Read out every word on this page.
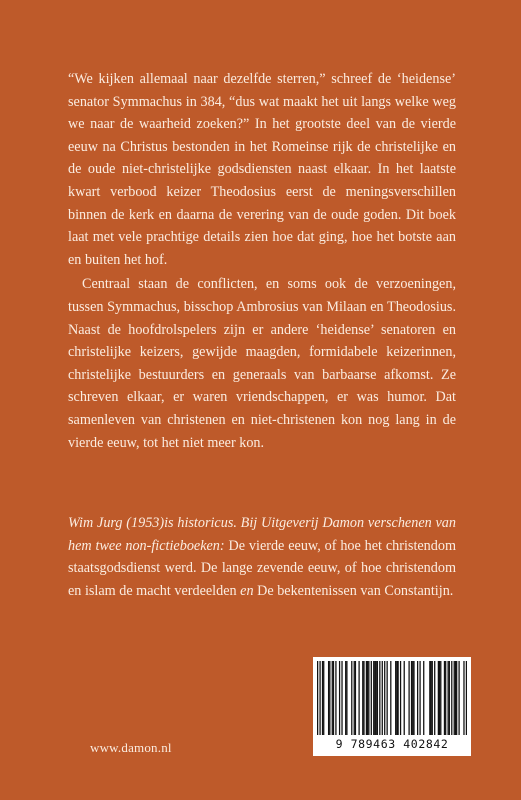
“We kijken allemaal naar dezelfde sterren,” schreef de ‘heidense’ senator Symmachus in 384, “dus wat maakt het uit langs welke weg we naar de waarheid zoeken?” In het grootste deel van de vierde eeuw na Christus bestonden in het Romeinse rijk de christelijke en de oude niet-christelijke godsdiensten naast elkaar. In het laatste kwart verbood keizer Theodosius eerst de meningsverschillen binnen de kerk en daarna de verering van de oude goden. Dit boek laat met vele prachtige details zien hoe dat ging, hoe het botste aan en buiten het hof.

Centraal staan de conflicten, en soms ook de verzoeningen, tussen Symmachus, bisschop Ambrosius van Milaan en Theodosius. Naast de hoofdrolspelers zijn er andere ‘heidense’ senatoren en christelijke keizers, gewijde maagden, formidabele keizerinnen, christelijke bestuurders en generaals van barbaarse afkomst. Ze schreven elkaar, er waren vriendschappen, er was humor. Dat samenleven van christenen en niet-christenen kon nog lang in de vierde eeuw, tot het niet meer kon.

Wim Jurg (1953)is historicus. Bij Uitgeverij Damon verschenen van hem twee non-fictieboeken: De vierde eeuw, of hoe het christendom staatsgodsdienst werd. De lange zevende eeuw, of hoe christendom en islam de macht verdeelden en De bekentenissen van Constantijn.
www.damon.nl	9 789463 402842
